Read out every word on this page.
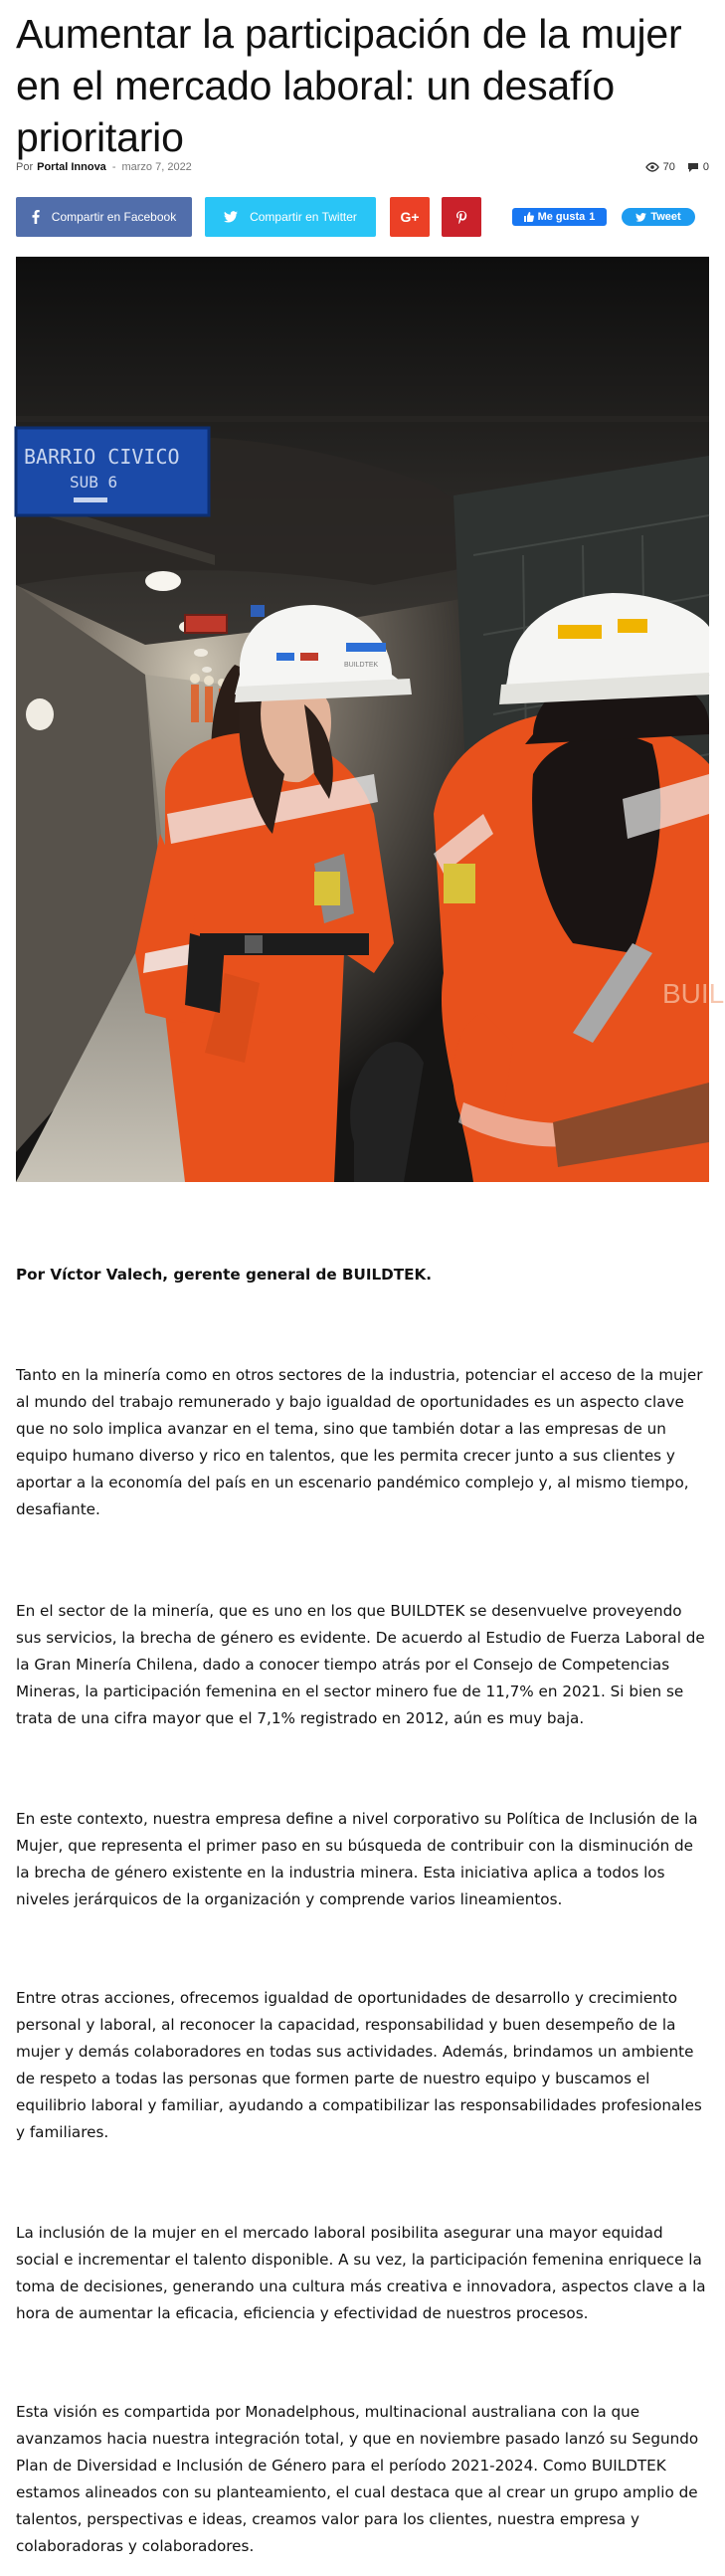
Aumentar la participación de la mujer en el mercado laboral: un desafío prioritario
Por Portal Innova - marzo 7, 2022	70	0
Compartir en Facebook	Compartir en Twitter	G+	Me gusta 1	Tweet
BARRIO CIVICO
SUB 6
BUILDTEK
BUIL

Por Víctor Valech, gerente general de BUILDTEK.

Tanto en la minería como en otros sectores de la industria, potenciar el acceso de la mujer al mundo del trabajo remunerado y bajo igualdad de oportunidades es un aspecto clave que no solo implica avanzar en el tema, sino que también dotar a las empresas de un equipo humano diverso y rico en talentos, que les permita crecer junto a sus clientes y aportar a la economía del país en un escenario pandémico complejo y, al mismo tiempo, desafiante.

En el sector de la minería, que es uno en los que BUILDTEK se desenvuelve proveyendo sus servicios, la brecha de género es evidente. De acuerdo al Estudio de Fuerza Laboral de la Gran Minería Chilena, dado a conocer tiempo atrás por el Consejo de Competencias Mineras, la participación femenina en el sector minero fue de 11,7% en 2021. Si bien se trata de una cifra mayor que el 7,1% registrado en 2012, aún es muy baja.

En este contexto, nuestra empresa define a nivel corporativo su Política de Inclusión de la Mujer, que representa el primer paso en su búsqueda de contribuir con la disminución de la brecha de género existente en la industria minera. Esta iniciativa aplica a todos los niveles jerárquicos de la organización y comprende varios lineamientos.

Entre otras acciones, ofrecemos igualdad de oportunidades de desarrollo y crecimiento personal y laboral, al reconocer la capacidad, responsabilidad y buen desempeño de la mujer y demás colaboradores en todas sus actividades. Además, brindamos un ambiente de respeto a todas las personas que formen parte de nuestro equipo y buscamos el equilibrio laboral y familiar, ayudando a compatibilizar las responsabilidades profesionales y familiares.

La inclusión de la mujer en el mercado laboral posibilita asegurar una mayor equidad social e incrementar el talento disponible. A su vez, la participación femenina enriquece la toma de decisiones, generando una cultura más creativa e innovadora, aspectos clave a la hora de aumentar la eficacia, eficiencia y efectividad de nuestros procesos.

Esta visión es compartida por Monadelphous, multinacional australiana con la que avanzamos hacia nuestra integración total, y que en noviembre pasado lanzó su Segundo Plan de Diversidad e Inclusión de Género para el período 2021-2024. Como BUILDTEK estamos alineados con su planteamiento, el cual destaca que al crear un grupo amplio de talentos, perspectivas e ideas, creamos valor para los clientes, nuestra empresa y colaboradoras y colaboradores.
